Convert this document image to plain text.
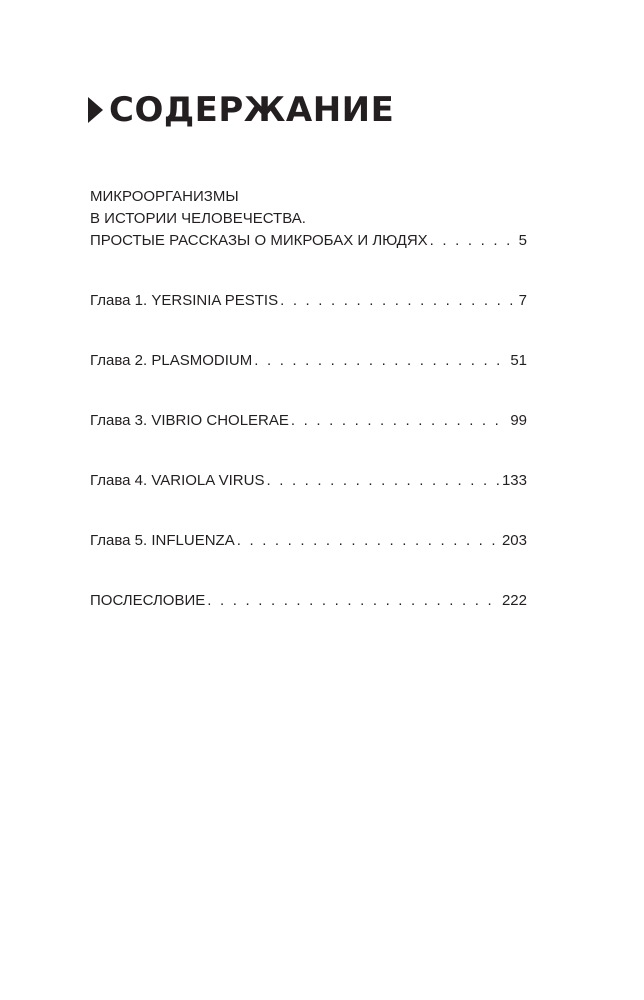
СОДЕРЖАНИЕ
МИКРООРГАНИЗМЫ
В ИСТОРИИ ЧЕЛОВЕЧЕСТВА.
ПРОСТЫЕ РАССКАЗЫ О МИКРОБАХ И ЛЮДЯХ . . .	5
Глава 1. YERSINIA PESTIS . . .	7
Глава 2. PLASMODIUM . . .	51
Глава 3. VIBRIO CHOLERAE . . .	99
Глава 4. VARIOLA VIRUS . . .	133
Глава 5. INFLUENZA . . .	203
ПОСЛЕСЛОВИЕ . . .	222
